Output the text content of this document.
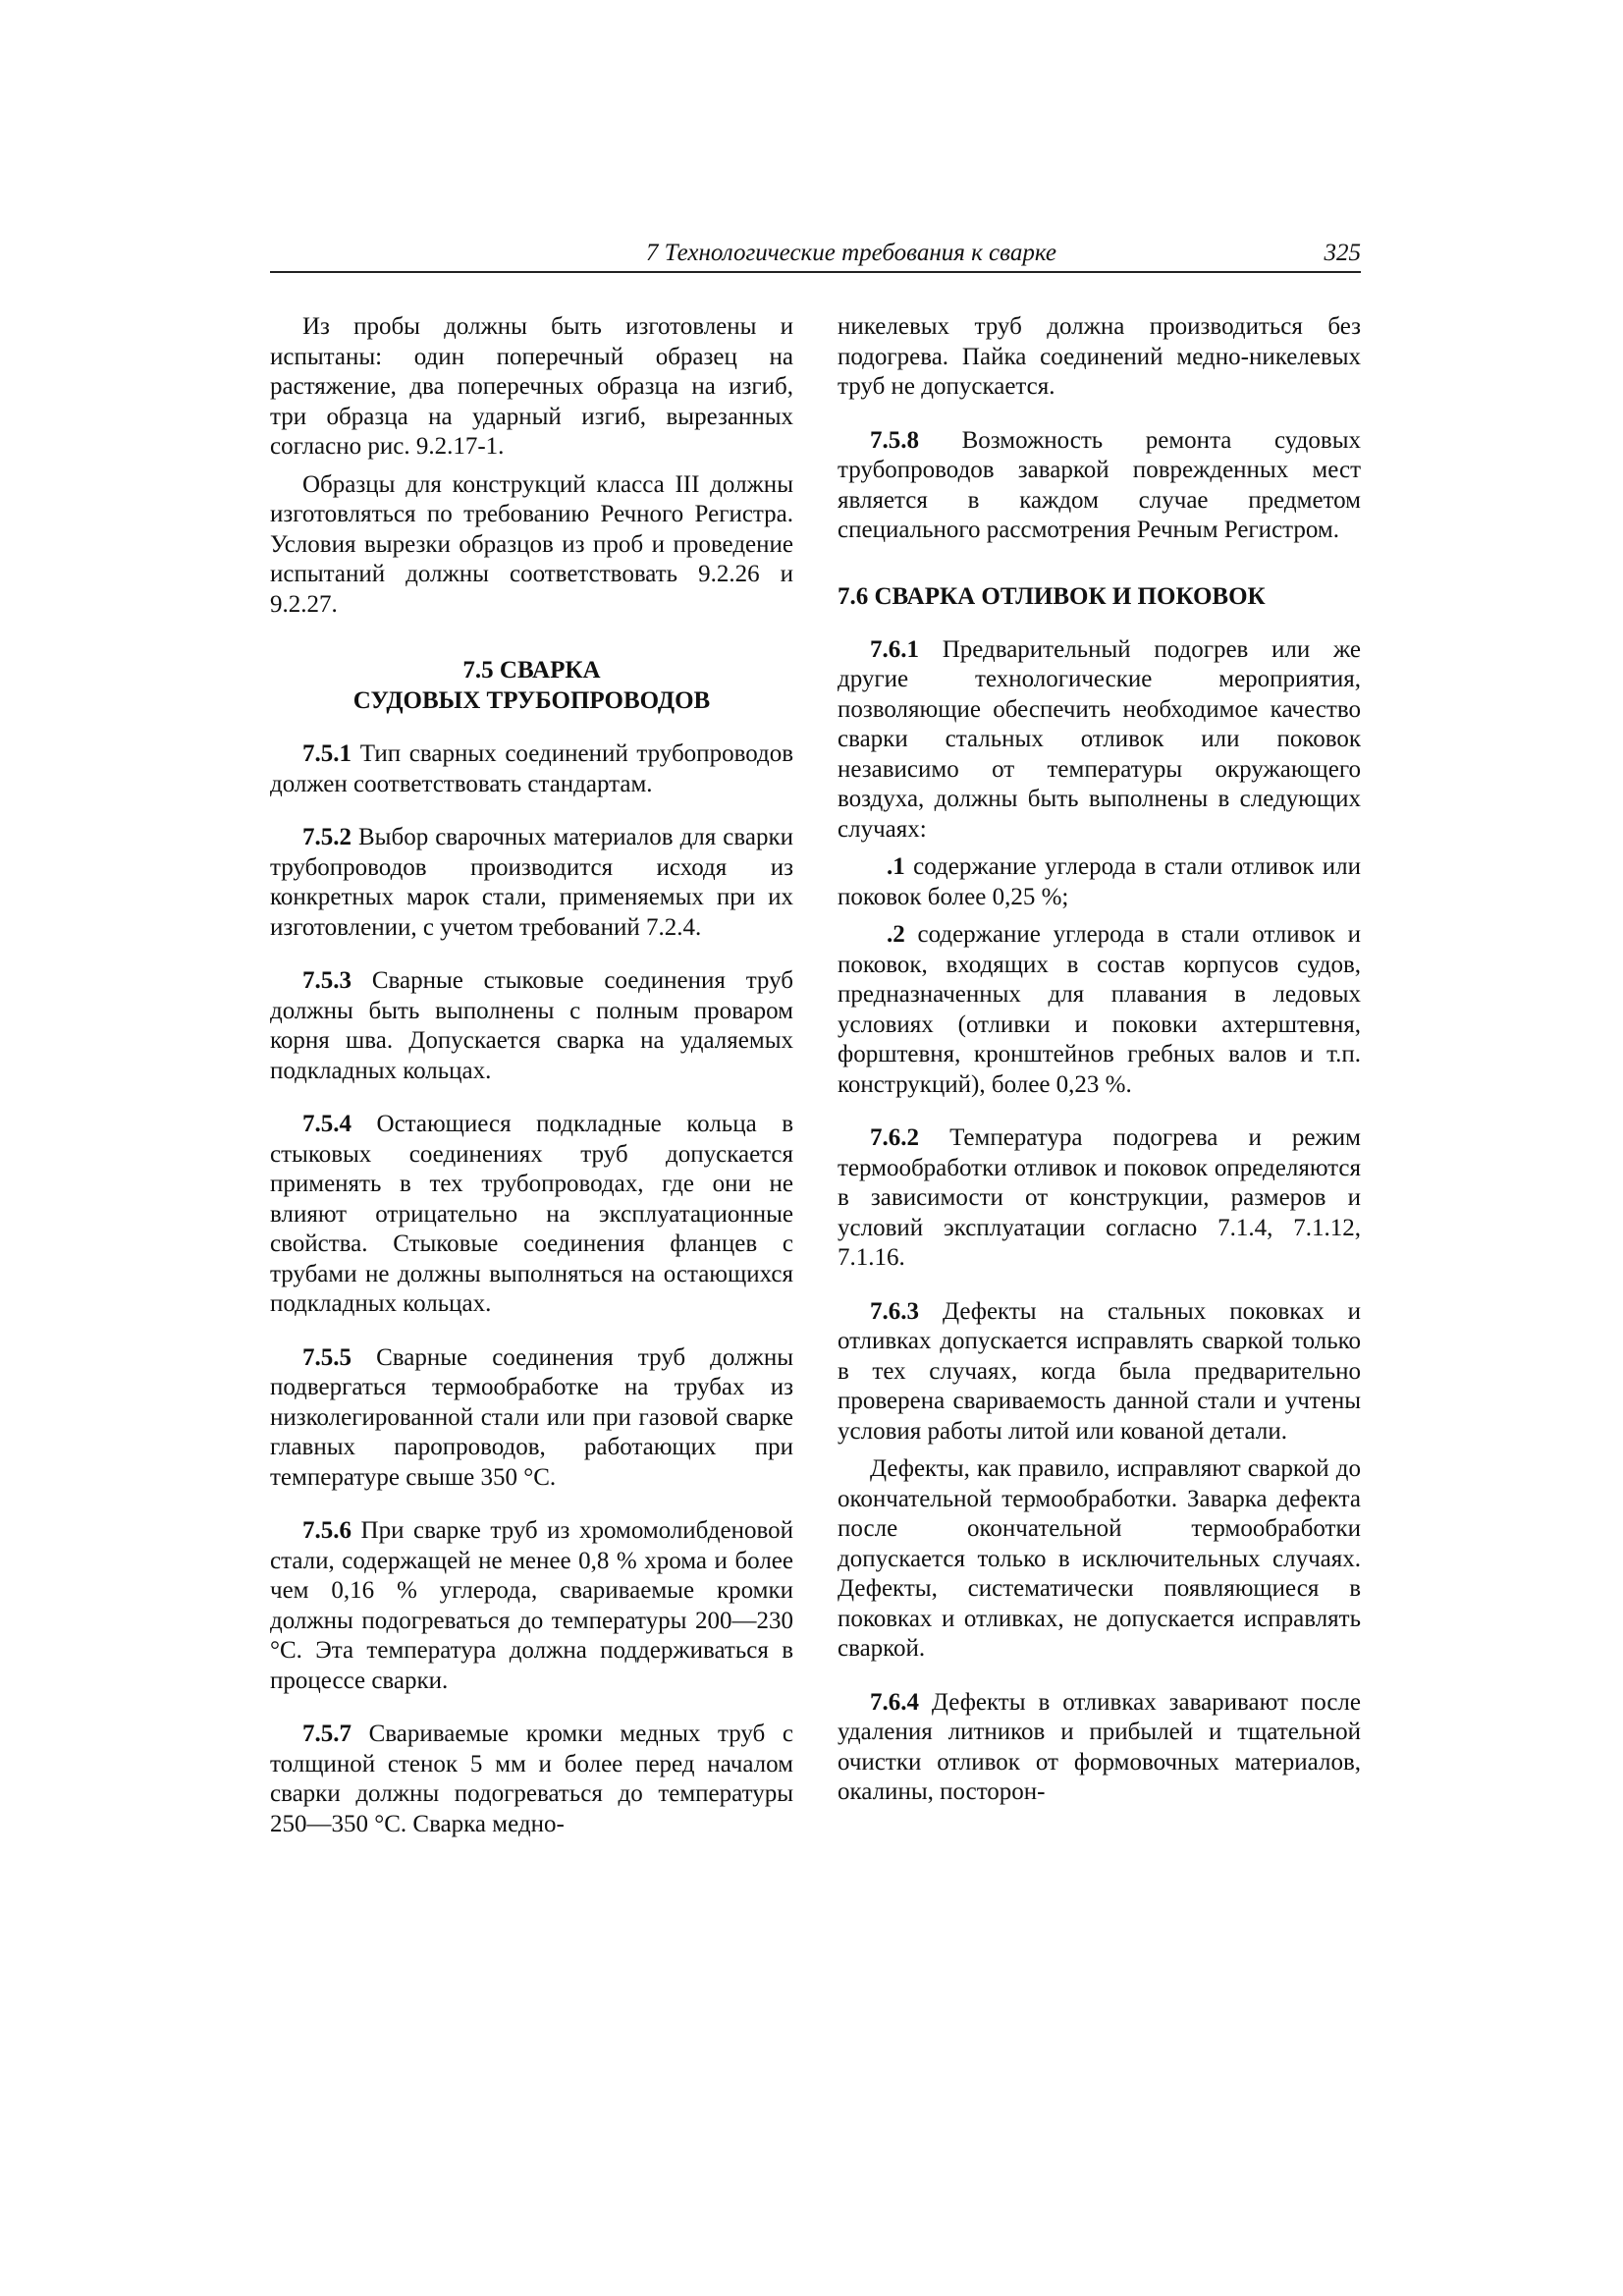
7 Технологические требования к сварке	325

Из пробы должны быть изготовлены и испытаны: один поперечный образец на растяжение, два поперечных образца на изгиб, три образца на ударный изгиб, вырезанных согласно рис. 9.2.17-1.

Образцы для конструкций класса III должны изготовляться по требованию Речного Регистра. Условия вырезки образцов из проб и проведение испытаний должны соответствовать 9.2.26 и 9.2.27.

7.5 СВАРКА
СУДОВЫХ ТРУБОПРОВОДОВ

7.5.1 Тип сварных соединений трубопроводов должен соответствовать стандартам.

7.5.2 Выбор сварочных материалов для сварки трубопроводов производится исходя из конкретных марок стали, применяемых при их изготовлении, с учетом требований 7.2.4.

7.5.3 Сварные стыковые соединения труб должны быть выполнены с полным проваром корня шва. Допускается сварка на удаляемых подкладных кольцах.

7.5.4 Остающиеся подкладные кольца в стыковых соединениях труб допускается применять в тех трубопроводах, где они не влияют отрицательно на эксплуатационные свойства. Стыковые соединения фланцев с трубами не должны выполняться на остающихся подкладных кольцах.

7.5.5 Сварные соединения труб должны подвергаться термообработке на трубах из низколегированной стали или при газовой сварке главных паропроводов, работающих при температуре свыше 350 °C.

7.5.6 При сварке труб из хромомолибденовой стали, содержащей не менее 0,8 % хрома и более чем 0,16 % углерода, свариваемые кромки должны подогреваться до температуры 200—230 °C. Эта температура должна поддерживаться в процессе сварки.

7.5.7 Свариваемые кромки медных труб с толщиной стенок 5 мм и более перед началом сварки должны подогреваться до температуры 250—350 °C. Сварка медно-

никелевых труб должна производиться без подогрева. Пайка соединений медно-никелевых труб не допускается.

7.5.8 Возможность ремонта судовых трубопроводов заваркой поврежденных мест является в каждом случае предметом специального рассмотрения Речным Регистром.

7.6 СВАРКА ОТЛИВОК И ПОКОВОК

7.6.1 Предварительный подогрев или же другие технологические мероприятия, позволяющие обеспечить необходимое качество сварки стальных отливок или поковок независимо от температуры окружающего воздуха, должны быть выполнены в следующих случаях:

.1 содержание углерода в стали отливок или поковок более 0,25 %;

.2 содержание углерода в стали отливок и поковок, входящих в состав корпусов судов, предназначенных для плавания в ледовых условиях (отливки и поковки ахтерштевня, форштевня, кронштейнов гребных валов и т.п. конструкций), более 0,23 %.

7.6.2 Температура подогрева и режим термообработки отливок и поковок определяются в зависимости от конструкции, размеров и условий эксплуатации согласно 7.1.4, 7.1.12, 7.1.16.

7.6.3 Дефекты на стальных поковках и отливках допускается исправлять сваркой только в тех случаях, когда была предварительно проверена свариваемость данной стали и учтены условия работы литой или кованой детали.

Дефекты, как правило, исправляют сваркой до окончательной термообработки. Заварка дефекта после окончательной термообработки допускается только в исключительных случаях. Дефекты, систематически появляющиеся в поковках и отливках, не допускается исправлять сваркой.

7.6.4 Дефекты в отливках заваривают после удаления литников и прибылей и тщательной очистки отливок от формовочных материалов, окалины, посторон-
